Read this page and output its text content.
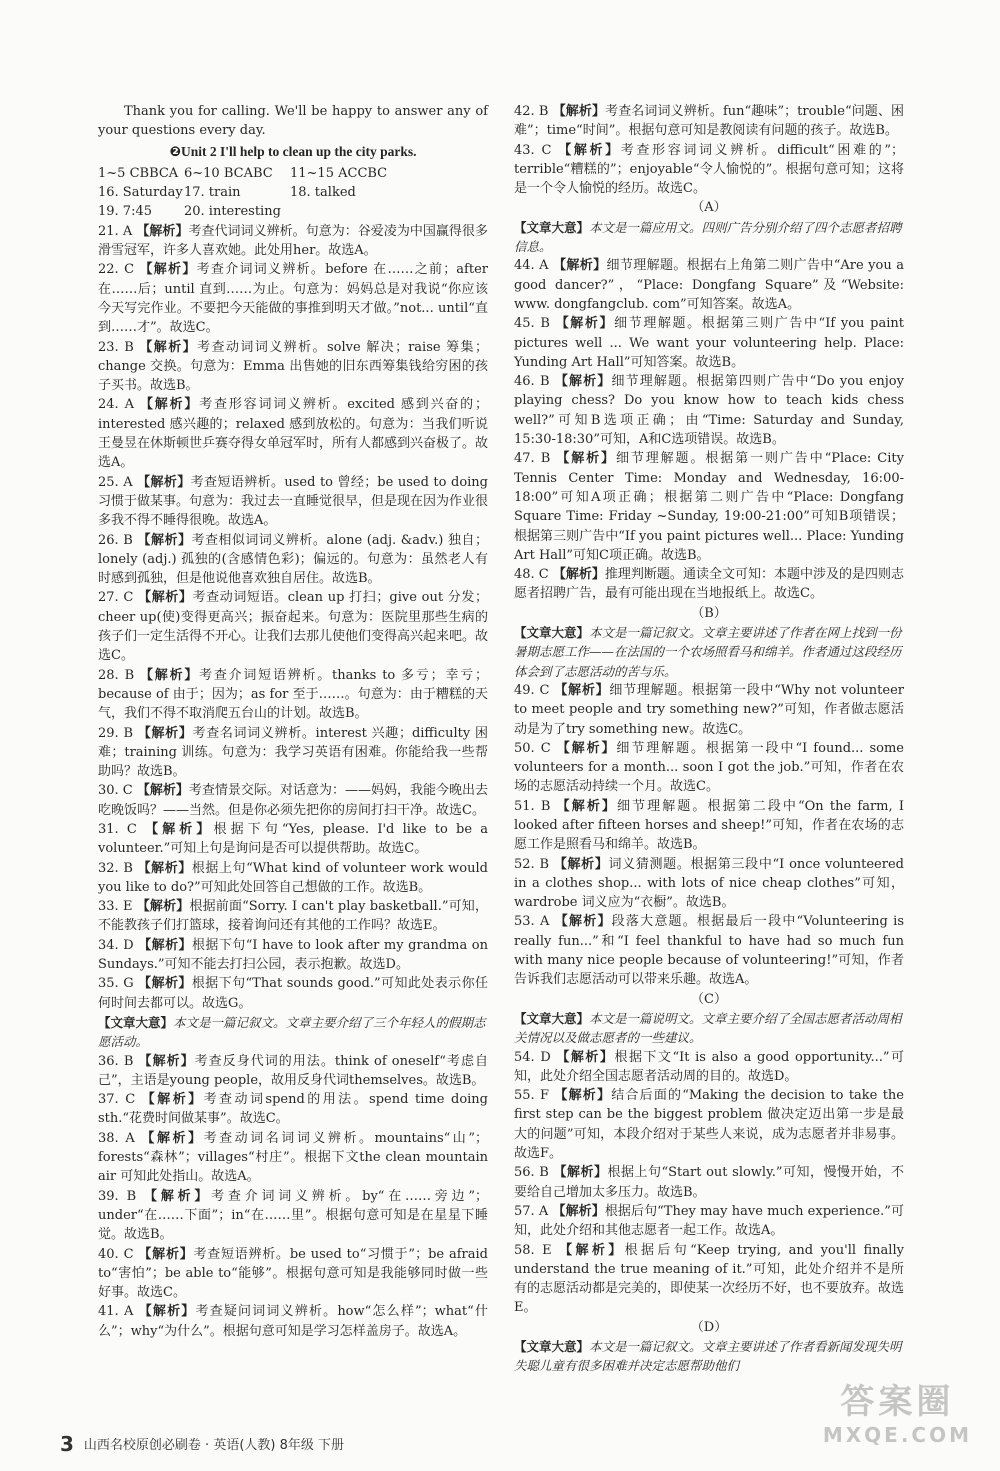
Thank you for calling. We'll be happy to answer any of your questions every day.

❷Unit 2 I'll help to clean up the city parks.
1~5 CBBCA 6~10 BCABC	11~15 ACCBC
16. Saturday 17. train	18. talked
19. 7:45	20. interesting

21. A 【解析】考查代词词义辨析。句意为：谷爱凌为中国赢得很多滑雪冠军，许多人喜欢她。此处用her。故选A。

22. C 【解析】考查介词词义辨析。before 在……之前；after 在……后；until 直到……为止。句意为：妈妈总是对我说“你应该今天写完作业。不要把今天能做的事推到明天才做。”not... until“直到……才”。故选C。

23. B 【解析】考查动词词义辨析。solve 解决；raise 筹集；change 交换。句意为：Emma 出售她的旧东西筹集钱给穷困的孩子买书。故选B。

24. A 【解析】考查形容词词义辨析。excited 感到兴奋的；interested 感兴趣的；relaxed 感到放松的。句意为：当我们听说王曼昱在休斯顿世乒赛夺得女单冠军时，所有人都感到兴奋极了。故选A。

25. A 【解析】考查短语辨析。used to 曾经；be used to doing 习惯于做某事。句意为：我过去一直睡觉很早，但是现在因为作业很多我不得不睡得很晚。故选A。

26. B 【解析】考查相似词词义辨析。alone (adj. &adv.) 独自；lonely (adj.) 孤独的(含感情色彩)；偏远的。句意为：虽然老人有时感到孤独，但是他说他喜欢独自居住。故选B。

27. C 【解析】考查动词短语。clean up 打扫；give out 分发；cheer up(使)变得更高兴；振奋起来。句意为：医院里那些生病的孩子们一定生活得不开心。让我们去那儿使他们变得高兴起来吧。故选C。

28. B 【解析】考查介词短语辨析。thanks to 多亏；幸亏；because of 由于；因为；as for 至于……。句意为：由于糟糕的天气，我们不得不取消爬五台山的计划。故选B。

29. B 【解析】考查名词词义辨析。interest 兴趣；difficulty 困难；training 训练。句意为：我学习英语有困难。你能给我一些帮助吗？故选B。

30. C 【解析】考查情景交际。对话意为：——妈妈，我能今晚出去吃晚饭吗？——当然。但是你必须先把你的房间打扫干净。故选C。

31. C 【解析】根据下句“Yes, please. I'd like to be a volunteer.”可知上句是询问是否可以提供帮助。故选C。

32. B 【解析】根据上句“What kind of volunteer work would you like to do?”可知此处回答自己想做的工作。故选B。

33. E 【解析】根据前面“Sorry. I can't play basketball.”可知，不能教孩子们打篮球，接着询问还有其他的工作吗？故选E。

34. D 【解析】根据下句“I have to look after my grandma on Sundays.”可知不能去打扫公园，表示抱歉。故选D。

35. G 【解析】根据下句“That sounds good.”可知此处表示你任何时间去都可以。故选G。

【文章大意】本文是一篇记叙文。文章主要介绍了三个年轻人的假期志愿活动。

36. B 【解析】考查反身代词的用法。think of oneself“考虑自己”，主语是young people，故用反身代词themselves。故选B。

37. C 【解析】考查动词spend的用法。spend time doing sth.“花费时间做某事”。故选C。

38. A 【解析】考查动词名词词义辨析。mountains“山”；forests“森林”；villages“村庄”。根据下文the clean mountain air 可知此处指山。故选A。

39. B 【解析】考查介词词义辨析。by“在……旁边”；under“在……下面”；in“在……里”。根据句意可知是在星星下睡觉。故选B。

40. C 【解析】考查短语辨析。be used to“习惯于”；be afraid to“害怕”；be able to“能够”。根据句意可知是我能够同时做一些好事。故选C。

41. A 【解析】考查疑问词词义辨析。how“怎么样”；what“什么”；why“为什么”。根据句意可知是学习怎样盖房子。故选A。

42. B 【解析】考查名词词义辨析。fun“趣味”；trouble“问题、困难”；time“时间”。根据句意可知是教阅读有问题的孩子。故选B。

43. C 【解析】考查形容词词义辨析。difficult“困难的”；terrible“糟糕的”；enjoyable“令人愉悦的”。根据句意可知；这将是一个令人愉悦的经历。故选C。

（A）

【文章大意】本文是一篇应用文。四则广告分别介绍了四个志愿者招聘信息。

44. A 【解析】细节理解题。根据右上角第二则广告中“Are you a good dancer?”，“Place: Dongfang Square”及“Website: www. dongfangclub. com”可知答案。故选A。

45. B 【解析】细节理解题。根据第三则广告中“If you paint pictures well ... We want your volunteering help. Place: Yunding Art Hall”可知答案。故选B。

46. B 【解析】细节理解题。根据第四则广告中“Do you enjoy playing chess? Do you know how to teach kids chess well?”可知B选项正确；由“Time: Saturday and Sunday, 15:30-18:30”可知，A和C选项错误。故选B。

47. B 【解析】细节理解题。根据第一则广告中“Place: City Tennis Center Time: Monday and Wednesday, 16:00-18:00”可知A项正确；根据第二则广告中“Place: Dongfang Square Time: Friday ~Sunday, 19:00-21:00”可知B项错误；根据第三则广告中“If you paint pictures well... Place: Yunding Art Hall”可知C项正确。故选B。

48. C 【解析】推理判断题。通读全文可知：本题中涉及的是四则志愿者招聘广告，最有可能出现在当地报纸上。故选C。

（B）

【文章大意】本文是一篇记叙文。文章主要讲述了作者在网上找到一份暑期志愿工作——在法国的一个农场照看马和绵羊。作者通过这段经历体会到了志愿活动的苦与乐。

49. C 【解析】细节理解题。根据第一段中“Why not volunteer to meet people and try something new?”可知，作者做志愿活动是为了try something new。故选C。

50. C 【解析】细节理解题。根据第一段中“I found... some volunteers for a month... soon I got the job.”可知，作者在农场的志愿活动持续一个月。故选C。

51. B 【解析】细节理解题。根据第二段中“On the farm, I looked after fifteen horses and sheep!”可知，作者在农场的志愿工作是照看马和绵羊。故选B。

52. B 【解析】词义猜测题。根据第三段中“I once volunteered in a clothes shop... with lots of nice cheap clothes”可知，wardrobe 词义应为“衣橱”。故选B。

53. A 【解析】段落大意题。根据最后一段中“Volunteering is really fun...”和“I feel thankful to have had so much fun with many nice people because of volunteering!”可知，作者告诉我们志愿活动可以带来乐趣。故选A。

（C）

【文章大意】本文是一篇说明文。文章主要介绍了全国志愿者活动周相关情况以及做志愿者的一些建议。

54. D 【解析】根据下文“It is also a good opportunity...”可知，此处介绍全国志愿者活动周的目的。故选D。

55. F 【解析】结合后面的“Making the decision to take the first step can be the biggest problem 做决定迈出第一步是最大的问题”可知，本段介绍对于某些人来说，成为志愿者并非易事。故选F。

56. B 【解析】根据上句“Start out slowly.”可知，慢慢开始，不要给自己增加太多压力。故选B。

57. A 【解析】根据后句“They may have much experience.”可知，此处介绍和其他志愿者一起工作。故选A。

58. E 【解析】根据后句“Keep trying, and you'll finally understand the true meaning of it.”可知，此处介绍并不是所有的志愿活动都是完美的，即使某一次经历不好，也不要放弃。故选E。

（D）

【文章大意】本文是一篇记叙文。文章主要讲述了作者看新闻发现失明失聪儿童有很多困难并决定志愿帮助他们

3 山西名校原创必刷卷 · 英语(人教) 8年级 下册
答案圈
MXQE.COM
